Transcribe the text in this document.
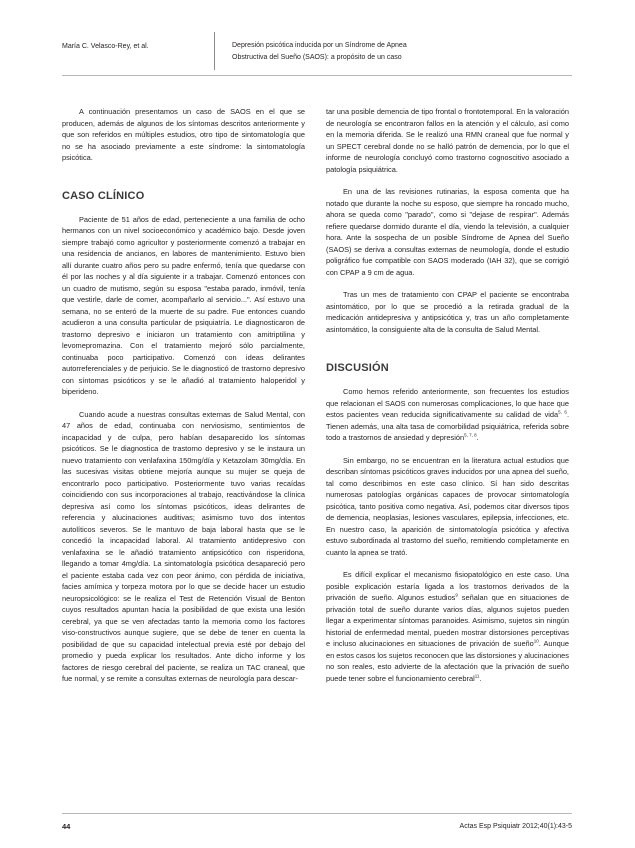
María C. Velasco-Rey, et al.	Depresión psicótica inducida por un Síndrome de Apnea
Obstructiva del Sueño (SAOS): a propósito de un caso

A continuación presentamos un caso de SAOS en el que se producen, además de algunos de los síntomas descritos anteriormente y que son referidos en múltiples estudios, otro tipo de sintomatología que no se ha asociado previamente a este síndrome: la sintomatología psicótica.

CASO CLÍNICO

Paciente de 51 años de edad, perteneciente a una familia de ocho hermanos con un nivel socioeconómico y académico bajo. Desde joven siempre trabajó como agricultor y posteriormente comenzó a trabajar en una residencia de ancianos, en labores de mantenimiento. Estuvo bien allí durante cuatro años pero su padre enfermó, tenía que quedarse con él por las noches y al día siguiente ir a trabajar. Comenzó entonces con un cuadro de mutismo, según su esposa "estaba parado, inmóvil, tenía que vestirle, darle de comer, acompañarlo al servicio...". Así estuvo una semana, no se enteró de la muerte de su padre. Fue entonces cuando acudieron a una consulta particular de psiquiatría. Le diagnosticaron de trastorno depresivo e iniciaron un tratamiento con amitriptilina y levomepromazina. Con el tratamiento mejoró sólo parcialmente, continuaba poco participativo. Comenzó con ideas delirantes autorreferenciales y de perjuicio. Se le diagnosticó de trastorno depresivo con síntomas psicóticos y se le añadió al tratamiento haloperidol y biperideno.

Cuando acude a nuestras consultas externas de Salud Mental, con 47 años de edad, continuaba con nerviosismo, sentimientos de incapacidad y de culpa, pero habían desaparecido los síntomas psicóticos. Se le diagnostica de trastorno depresivo y se le instaura un nuevo tratamiento con venlafaxina 150mg/día y Ketazolam 30mg/día. En las sucesivas visitas obtiene mejoría aunque su mujer se queja de encontrarlo poco participativo. Posteriormente tuvo varias recaídas coincidiendo con sus incorporaciones al trabajo, reactivándose la clínica depresiva así como los síntomas psicóticos, ideas delirantes de referencia y alucinaciones auditivas; asimismo tuvo dos intentos autolíticos severos. Se le mantuvo de baja laboral hasta que se le concedió la incapacidad laboral. Al tratamiento antidepresivo con venlafaxina se le añadió tratamiento antipsicótico con risperidona, llegando a tomar 4mg/día. La sintomatología psicótica desapareció pero el paciente estaba cada vez con peor ánimo, con pérdida de iniciativa, facies amímica y torpeza motora por lo que se decide hacer un estudio neuropsicológico: se le realiza el Test de Retención Visual de Benton cuyos resultados apuntan hacia la posibilidad de que exista una lesión cerebral, ya que se ven afectadas tanto la memoria como los factores viso-constructivos aunque sugiere, que se debe de tener en cuenta la posibilidad de que su capacidad intelectual previa esté por debajo del promedio y pueda explicar los resultados. Ante dicho informe y los factores de riesgo cerebral del paciente, se realiza un TAC craneal, que fue normal, y se remite a consultas externas de neurología para descar-

tar una posible demencia de tipo frontal o frontotemporal. En la valoración de neurología se encontraron fallos en la atención y el cálculo, así como en la memoria diferida. Se le realizó una RMN craneal que fue normal y un SPECT cerebral donde no se halló patrón de demencia, por lo que el informe de neurología concluyó como trastorno cognoscitivo asociado a patología psiquiátrica.

En una de las revisiones rutinarias, la esposa comenta que ha notado que durante la noche su esposo, que siempre ha roncado mucho, ahora se queda como "parado", como si "dejase de respirar". Además refiere quedarse dormido durante el día, viendo la televisión, a cualquier hora. Ante la sospecha de un posible Síndrome de Apnea del Sueño (SAOS) se deriva a consultas externas de neumología, donde el estudio poligráfico fue compatible con SAOS moderado (IAH 32), que se corrigió con CPAP a 9 cm de agua.

Tras un mes de tratamiento con CPAP el paciente se encontraba asintomático, por lo que se procedió a la retirada gradual de la medicación antidepresiva y antipsicótica y, tras un año completamente asintomático, la consiguiente alta de la consulta de Salud Mental.

DISCUSIÓN

Como hemos referido anteriormente, son frecuentes los estudios que relacionan el SAOS con numerosas complicaciones, lo que hace que estos pacientes vean reducida significativamente su calidad de vida$^{5, 6}$. Tienen además, una alta tasa de comorbilidad psiquiátrica, referida sobre todo a trastornos de ansiedad y depresión$^{5, 7, 8}$.

Sin embargo, no se encuentran en la literatura actual estudios que describan síntomas psicóticos graves inducidos por una apnea del sueño, tal como describimos en este caso clínico. Sí han sido descritas numerosas patologías orgánicas capaces de provocar sintomatología psicótica, tanto positiva como negativa. Así, podemos citar diversos tipos de demencia, neoplasias, lesiones vasculares, epilepsia, infecciones, etc. En nuestro caso, la aparición de sintomatología psicótica y afectiva estuvo subordinada al trastorno del sueño, remitiendo completamente en cuanto la apnea se trató.

Es difícil explicar el mecanismo fisiopatológico en este caso. Una posible explicación estaría ligada a los trastornos derivados de la privación de sueño. Algunos estudios$^9$ señalan que en situaciones de privación total de sueño durante varios días, algunos sujetos pueden llegar a experimentar síntomas paranoides. Asimismo, sujetos sin ningún historial de enfermedad mental, pueden mostrar distorsiones perceptivas e incluso alucinaciones en situaciones de privación de sueño$^{10}$. Aunque en estos casos los sujetos reconocen que las distorsiones y alucinaciones no son reales, esto advierte de la afectación que la privación de sueño puede tener sobre el funcionamiento cerebral$^{11}$.

44	Actas Esp Psiquiatr 2012;40(1):43-5
